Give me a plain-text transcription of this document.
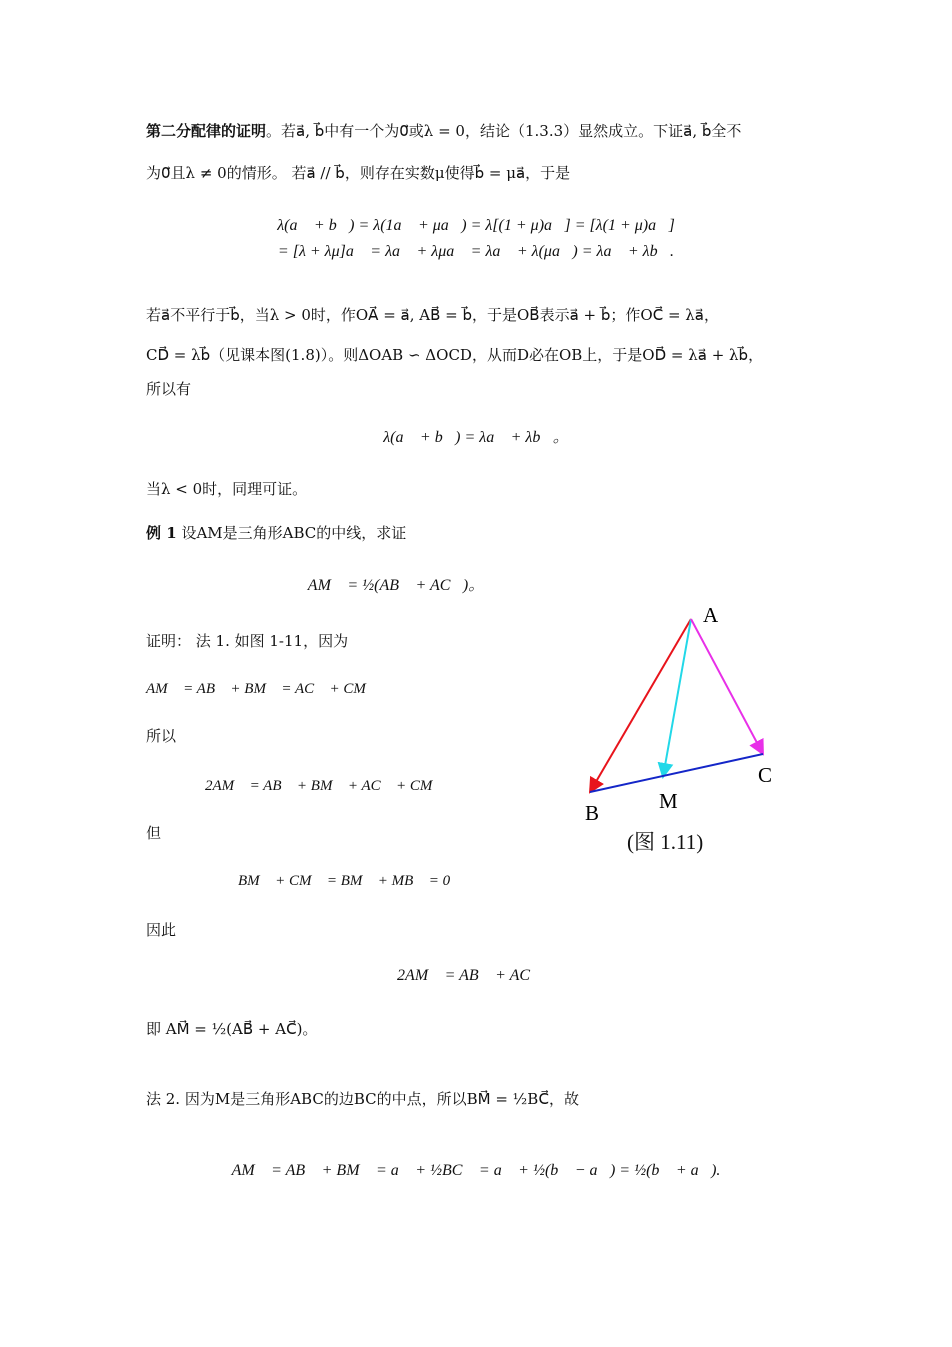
第二分配律的证明。若a⃗, b⃗中有一个为0⃗或λ = 0，结论（1.3.3）显然成立。下证a⃗, b⃗全不
为0⃗且λ ≠ 0的情形。 若a⃗ // b⃗，则存在实数μ使得b⃗ = μa⃗，于是
λ(a⃗ + b⃗) = λ(1a⃗ + μa⃗) = λ[(1 + μ)a⃗] = [λ(1 + μ)a⃗]
= [λ + λμ]a⃗ = λa⃗ + λμa⃗ = λa⃗ + λ(μa⃗) = λa⃗ + λb⃗.
若a⃗不平行于b⃗，当λ > 0时，作OA⃗ = a⃗, AB⃗ = b⃗，于是OB⃗表示a⃗ + b⃗；作OC⃗ = λa⃗，
CD⃗ = λb⃗（见课本图(1.8)）。则ΔOAB ∽ ΔOCD，从而D必在OB上，于是OD⃗ = λa⃗ + λb⃗，
所以有
λ(a⃗ + b⃗) = λa⃗ + λb⃗。
当λ < 0时，同理可证。
例 1 设AM是三角形ABC的中线，求证
AM⃗ = ½(AB⃗ + AC⃗)。
证明： 法 1. 如图 1-11，因为
AM⃗ = AB⃗ + BM⃗ = AC⃗ + CM⃗，
所以
2AM⃗ = AB⃗ + BM⃗ + AC⃗ + CM⃗，
但
BM⃗ + CM⃗ = BM⃗ + MB⃗ = 0⃗，
因此
2AM⃗ = AB⃗ + AC⃗，
即 AM⃗ = ½(AB⃗ + AC⃗)。
法 2. 因为M是三角形ABC的边BC的中点，所以BM⃗ = ½BC⃗，故
AM⃗ = AB⃗ + BM⃗ = a⃗ + ½BC⃗ = a⃗ + ½(b⃗ − a⃗) = ½(b⃗ + a⃗).
A
B
C
M
(图 1.11)
